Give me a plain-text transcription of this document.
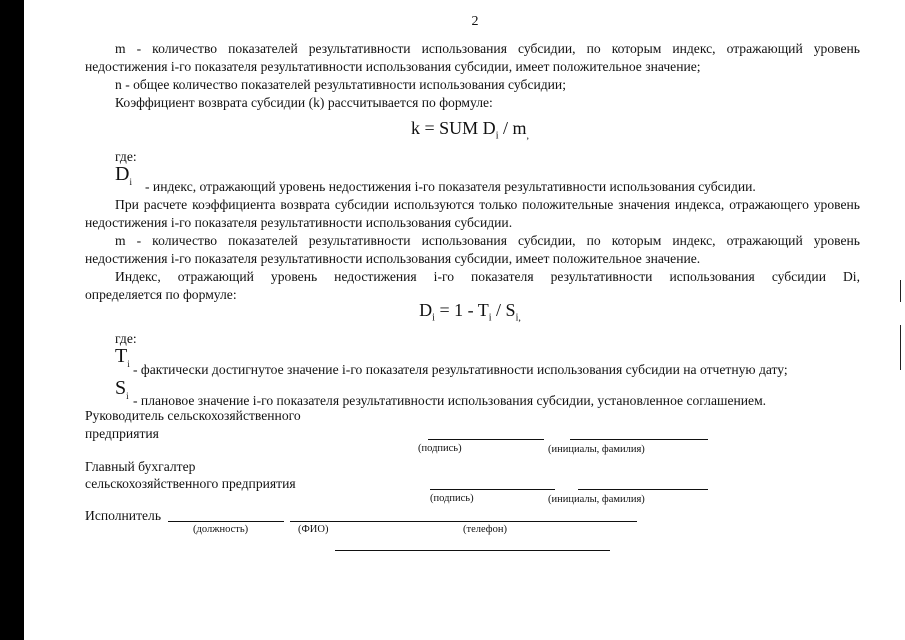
2

m - количество показателей результативности использования субсидии, по которым индекс, отражающий уровень недостижения i-го показателя результативности использования субсидии, имеет положительное значение;

n - общее количество показателей результативности использования субсидии;

Коэффициент возврата субсидии (k) рассчитывается по формуле:

k = SUM $D_i / m_,$
где:
$D_i$ - индекс, отражающий уровень недостижения i-го показателя результативности использования субсидии.

При расчете коэффициента возврата субсидии используются только положительные значения индекса, отражающего уровень недостижения i-го показателя результативности использования субсидии.

m - количество показателей результативности использования субсидии, по которым индекс, отражающий уровень недостижения i-го показателя результативности использования субсидии, имеет положительное значение.

Индекс, отражающий уровень недостижения i-го показателя результативности использования субсидии Di,

определяется по формуле:

$D_i = 1 - T_i / S_{i,}$
где:
$T_i$ - фактически достигнутое значение i-го показателя результативности использования субсидии на отчетную дату;
$S_i$ - плановое значение i-го показателя результативности использования субсидии, установленное соглашением.
Руководитель сельскохозяйственного
предприятия
(подпись)	(инициалы, фамилия)
Главный бухгалтер
сельскохозяйственного предприятия
(подпись)	(инициалы, фамилия)
Исполнитель
(должность)	(ФИО)	(телефон)
